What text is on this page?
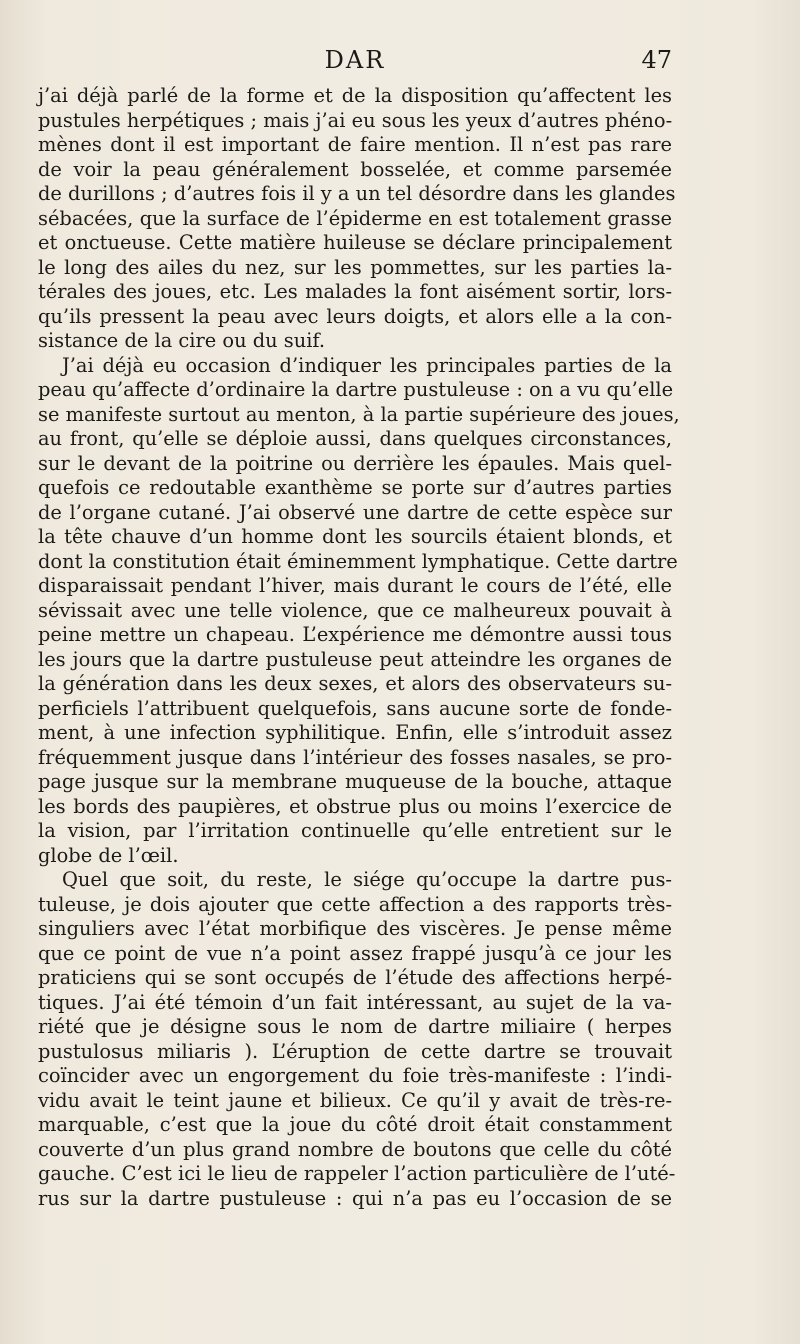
DAR	47
j’ai déjà parlé de la forme et de la disposition qu’affectent les
pustules herpétiques ; mais j’ai eu sous les yeux d’autres phéno-
mènes dont il est important de faire mention. Il n’est pas rare
de voir la peau généralement bosselée, et comme parsemée
de durillons ; d’autres fois il y a un tel désordre dans les glandes
sébacées, que la surface de l’épiderme en est totalement grasse
et onctueuse. Cette matière huileuse se déclare principalement
le long des ailes du nez, sur les pommettes, sur les parties la-
térales des joues, etc. Les malades la font aisément sortir, lors-
qu’ils pressent la peau avec leurs doigts, et alors elle a la con-
sistance de la cire ou du suif.
J’ai déjà eu occasion d’indiquer les principales parties de la
peau qu’affecte d’ordinaire la dartre pustuleuse : on a vu qu’elle
se manifeste surtout au menton, à la partie supérieure des joues,
au front, qu’elle se déploie aussi, dans quelques circonstances,
sur le devant de la poitrine ou derrière les épaules. Mais quel-
quefois ce redoutable exanthème se porte sur d’autres parties
de l’organe cutané. J’ai observé une dartre de cette espèce sur
la tête chauve d’un homme dont les sourcils étaient blonds, et
dont la constitution était éminemment lymphatique. Cette dartre
disparaissait pendant l’hiver, mais durant le cours de l’été, elle
sévissait avec une telle violence, que ce malheureux pouvait à
peine mettre un chapeau. L’expérience me démontre aussi tous
les jours que la dartre pustuleuse peut atteindre les organes de
la génération dans les deux sexes, et alors des observateurs su-
perficiels l’attribuent quelquefois, sans aucune sorte de fonde-
ment, à une infection syphilitique. Enfin, elle s’introduit assez
fréquemment jusque dans l’intérieur des fosses nasales, se pro-
page jusque sur la membrane muqueuse de la bouche, attaque
les bords des paupières, et obstrue plus ou moins l’exercice de
la vision, par l’irritation continuelle qu’elle entretient sur le
globe de l’œil.
Quel que soit, du reste, le siége qu’occupe la dartre pus-
tuleuse, je dois ajouter que cette affection a des rapports très-
singuliers avec l’état morbifique des viscères. Je pense même
que ce point de vue n’a point assez frappé jusqu’à ce jour les
praticiens qui se sont occupés de l’étude des affections herpé-
tiques. J’ai été témoin d’un fait intéressant, au sujet de la va-
riété que je désigne sous le nom de dartre miliaire ( herpes
pustulosus miliaris ). L’éruption de cette dartre se trouvait
coïncider avec un engorgement du foie très-manifeste : l’indi-
vidu avait le teint jaune et bilieux. Ce qu’il y avait de très-re-
marquable, c’est que la joue du côté droit était constamment
couverte d’un plus grand nombre de boutons que celle du côté
gauche. C’est ici le lieu de rappeler l’action particulière de l’uté-
rus sur la dartre pustuleuse : qui n’a pas eu l’occasion de se
